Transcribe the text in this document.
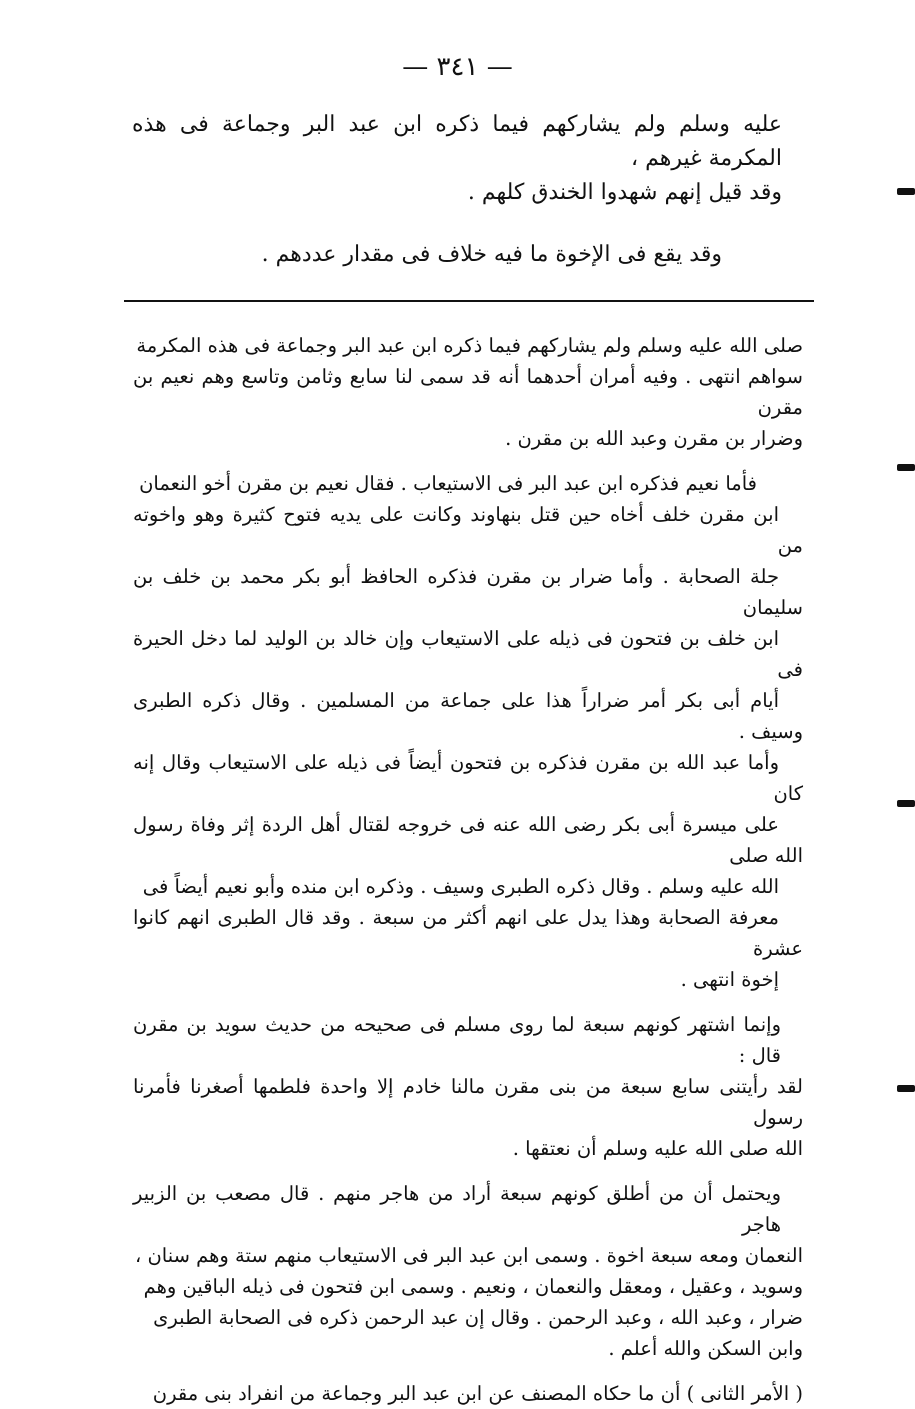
— ٣٤١ —

عليه وسلم ولم يشاركهم فيما ذكره ابن عبد البر وجماعة فى هذه المكرمة غيرهم ،
وقد قيل إنهم شهدوا الخندق كلهم .

وقد يقع فى الإخوة ما فيه خلاف فى مقدار عددهم .

صلى الله عليه وسلم ولم يشاركهم فيما ذكره ابن عبد البر وجماعة فى هذه المكرمة
سواهم انتهى . وفيه أمران أحدهما أنه قد سمى لنا سابع وثامن وتاسع وهم نعيم بن مقرن
وضرار بن مقرن وعبد الله بن مقرن .

فأما نعيم فذكره ابن عبد البر فى الاستيعاب . فقال نعيم بن مقرن أخو النعمان
ابن مقرن خلف أخاه حين قتل بنهاوند وكانت على يديه فتوح كثيرة وهو واخوته من
جلة الصحابة . وأما ضرار بن مقرن فذكره الحافظ أبو بكر محمد بن خلف بن سليمان
ابن خلف بن فتحون فى ذيله على الاستيعاب وإن خالد بن الوليد لما دخل الحيرة فى
أيام أبى بكر أمر ضراراً هذا على جماعة من المسلمين . وقال ذكره الطبرى وسيف .
وأما عبد الله بن مقرن فذكره بن فتحون أيضاً فى ذيله على الاستيعاب وقال إنه كان
على ميسرة أبى بكر رضى الله عنه فى خروجه لقتال أهل الردة إثر وفاة رسول الله صلى
الله عليه وسلم . وقال ذكره الطبرى وسيف . وذكره ابن منده وأبو نعيم أيضاً فى
معرفة الصحابة وهذا يدل على انهم أكثر من سبعة . وقد قال الطبرى انهم كانوا عشرة
إخوة انتهى .

وإنما اشتهر كونهم سبعة لما روى مسلم فى صحيحه من حديث سويد بن مقرن قال :
لقد رأيتنى سابع سبعة من بنى مقرن مالنا خادم إلا واحدة فلطمها أصغرنا فأمرنا رسول
الله صلى الله عليه وسلم أن نعتقها .

ويحتمل أن من أطلق كونهم سبعة أراد من هاجر منهم . قال مصعب بن الزبير هاجر
النعمان ومعه سبعة اخوة . وسمى ابن عبد البر فى الاستيعاب منهم ستة وهم سنان ،
وسويد ، وعقيل ، ومعقل والنعمان ، ونعيم . وسمى ابن فتحون فى ذيله الباقين وهم
ضرار ، وعبد الله ، وعبد الرحمن . وقال إن عبد الرحمن ذكره فى الصحابة الطبرى
وابن السكن والله أعلم .

( الأمر الثانى ) أن ما حكاه المصنف عن ابن عبد البر وجماعة من انفراد بنى مقرن
